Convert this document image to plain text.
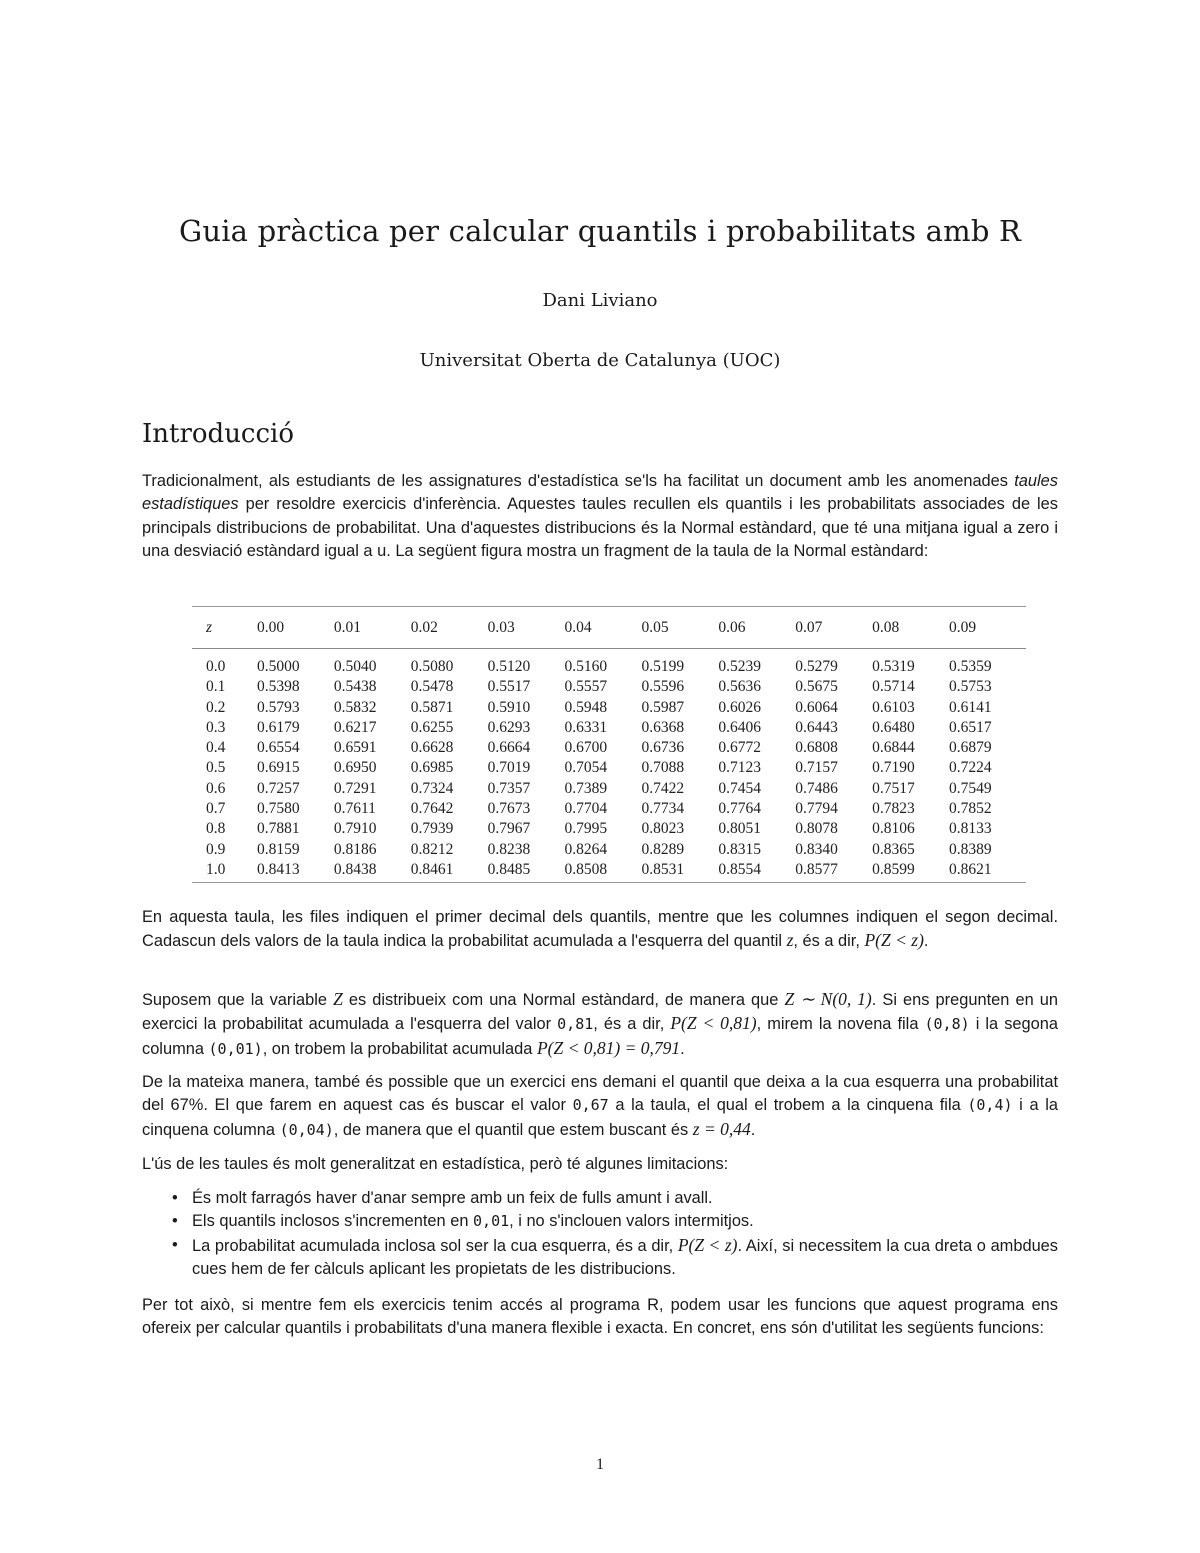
Guia pràctica per calcular quantils i probabilitats amb R
Dani Liviano
Universitat Oberta de Catalunya (UOC)
Introducció

Tradicionalment, als estudiants de les assignatures d'estadística se'ls ha facilitat un document amb les anomenades taules estadístiques per resoldre exercicis d'inferència. Aquestes taules recullen els quantils i les probabilitats associades de les principals distribucions de probabilitat. Una d'aquestes distribucions és la Normal estàndard, que té una mitjana igual a zero i una desviació estàndard igual a u. La següent figura mostra un fragment de la taula de la Normal estàndard:

z	0.00	0.01	0.02	0.03	0.04	0.05	0.06	0.07	0.08	0.09
0.0	0.5000	0.5040	0.5080	0.5120	0.5160	0.5199	0.5239	0.5279	0.5319	0.5359
0.1	0.5398	0.5438	0.5478	0.5517	0.5557	0.5596	0.5636	0.5675	0.5714	0.5753
0.2	0.5793	0.5832	0.5871	0.5910	0.5948	0.5987	0.6026	0.6064	0.6103	0.6141
0.3	0.6179	0.6217	0.6255	0.6293	0.6331	0.6368	0.6406	0.6443	0.6480	0.6517
0.4	0.6554	0.6591	0.6628	0.6664	0.6700	0.6736	0.6772	0.6808	0.6844	0.6879
0.5	0.6915	0.6950	0.6985	0.7019	0.7054	0.7088	0.7123	0.7157	0.7190	0.7224
0.6	0.7257	0.7291	0.7324	0.7357	0.7389	0.7422	0.7454	0.7486	0.7517	0.7549
0.7	0.7580	0.7611	0.7642	0.7673	0.7704	0.7734	0.7764	0.7794	0.7823	0.7852
0.8	0.7881	0.7910	0.7939	0.7967	0.7995	0.8023	0.8051	0.8078	0.8106	0.8133
0.9	0.8159	0.8186	0.8212	0.8238	0.8264	0.8289	0.8315	0.8340	0.8365	0.8389
1.0	0.8413	0.8438	0.8461	0.8485	0.8508	0.8531	0.8554	0.8577	0.8599	0.8621

En aquesta taula, les files indiquen el primer decimal dels quantils, mentre que les columnes indiquen el segon decimal. Cadascun dels valors de la taula indica la probabilitat acumulada a l'esquerra del quantil z, és a dir, P(Z < z).

Suposem que la variable Z es distribueix com una Normal estàndard, de manera que Z ∼ N(0, 1). Si ens pregunten en un exercici la probabilitat acumulada a l'esquerra del valor 0,81, és a dir, P(Z < 0,81), mirem la novena fila (0,8) i la segona columna (0,01), on trobem la probabilitat acumulada P(Z < 0,81) = 0,791.

De la mateixa manera, també és possible que un exercici ens demani el quantil que deixa a la cua esquerra una probabilitat del 67%. El que farem en aquest cas és buscar el valor 0,67 a la taula, el qual el trobem a la cinquena fila (0,4) i a la cinquena columna (0,04), de manera que el quantil que estem buscant és z = 0,44.

L'ús de les taules és molt generalitzat en estadística, però té algunes limitacions:

• És molt farragós haver d'anar sempre amb un feix de fulls amunt i avall.
• Els quantils inclosos s'incrementen en 0,01, i no s'inclouen valors intermitjos.
• La probabilitat acumulada inclosa sol ser la cua esquerra, és a dir, P(Z < z). Així, si necessitem la cua dreta o ambdues cues hem de fer càlculs aplicant les propietats de les distribucions.

Per tot això, si mentre fem els exercicis tenim accés al programa R, podem usar les funcions que aquest programa ens ofereix per calcular quantils i probabilitats d'una manera flexible i exacta. En concret, ens són d'utilitat les següents funcions:

1
